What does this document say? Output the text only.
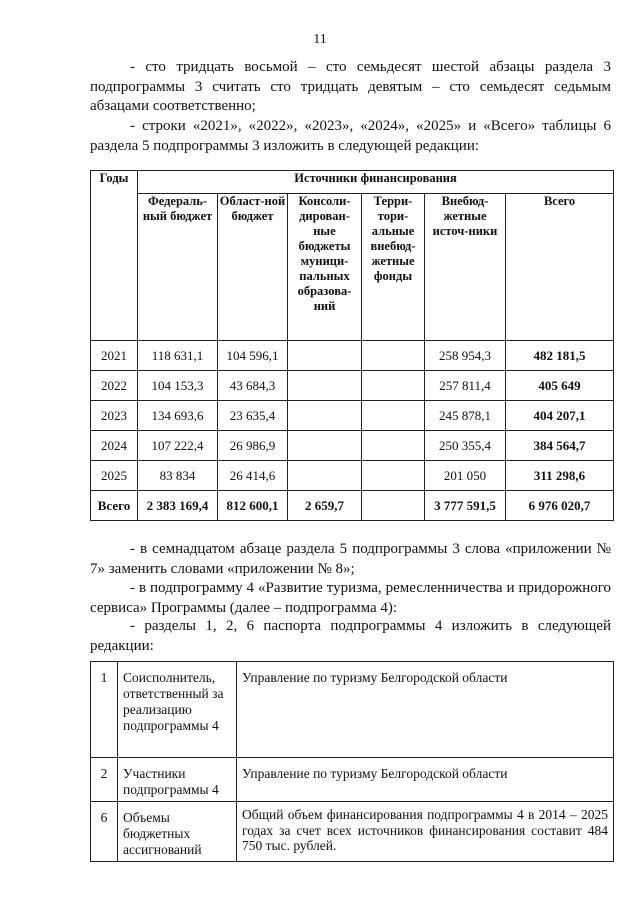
11

- сто тридцать восьмой – сто семьдесят шестой абзацы раздела 3 подпрограммы 3 считать сто тридцать девятым – сто семьдесят седьмым абзацами соответственно;

- строки «2021», «2022», «2023», «2024», «2025» и «Всего» таблицы 6 раздела 5 подпрограммы 3 изложить в следующей редакции:

Годы	Источники финансирования					
	Федераль-ный бюджет	Област-ной бюджет	Консоли-дирован-ные бюджеты муници-пальных образова-ний	Терри-тори-альные внебюд-жетные фонды	Внебюд-жетные источ-ники	Всего
2021	118 631,1	104 596,1			258 954,3	482 181,5
2022	104 153,3	43 684,3			257 811,4	405 649
2023	134 693,6	23 635,4			245 878,1	404 207,1
2024	107 222,4	26 986,9			250 355,4	384 564,7
2025	83 834	26 414,6			201 050	311 298,6
Всего	2 383 169,4	812 600,1	2 659,7		3 777 591,5	6 976 020,7

- в семнадцатом абзаце раздела 5 подпрограммы 3 слова «приложении № 7» заменить словами «приложении № 8»;

- в подпрограмму 4 «Развитие туризма, ремесленничества и придорожного сервиса» Программы (далее – подпрограмма 4):

- разделы 1, 2, 6 паспорта подпрограммы 4 изложить в следующей редакции:

1	Соисполнитель, ответственный за реализацию подпрограммы 4	Управление по туризму Белгородской области
2	Участники подпрограммы 4	Управление по туризму Белгородской области
6	Объемы бюджетных ассигнований	Общий объем финансирования подпрограммы 4 в 2014 – 2025 годах за счет всех источников финансирования составит 484 750 тыс. рублей.
